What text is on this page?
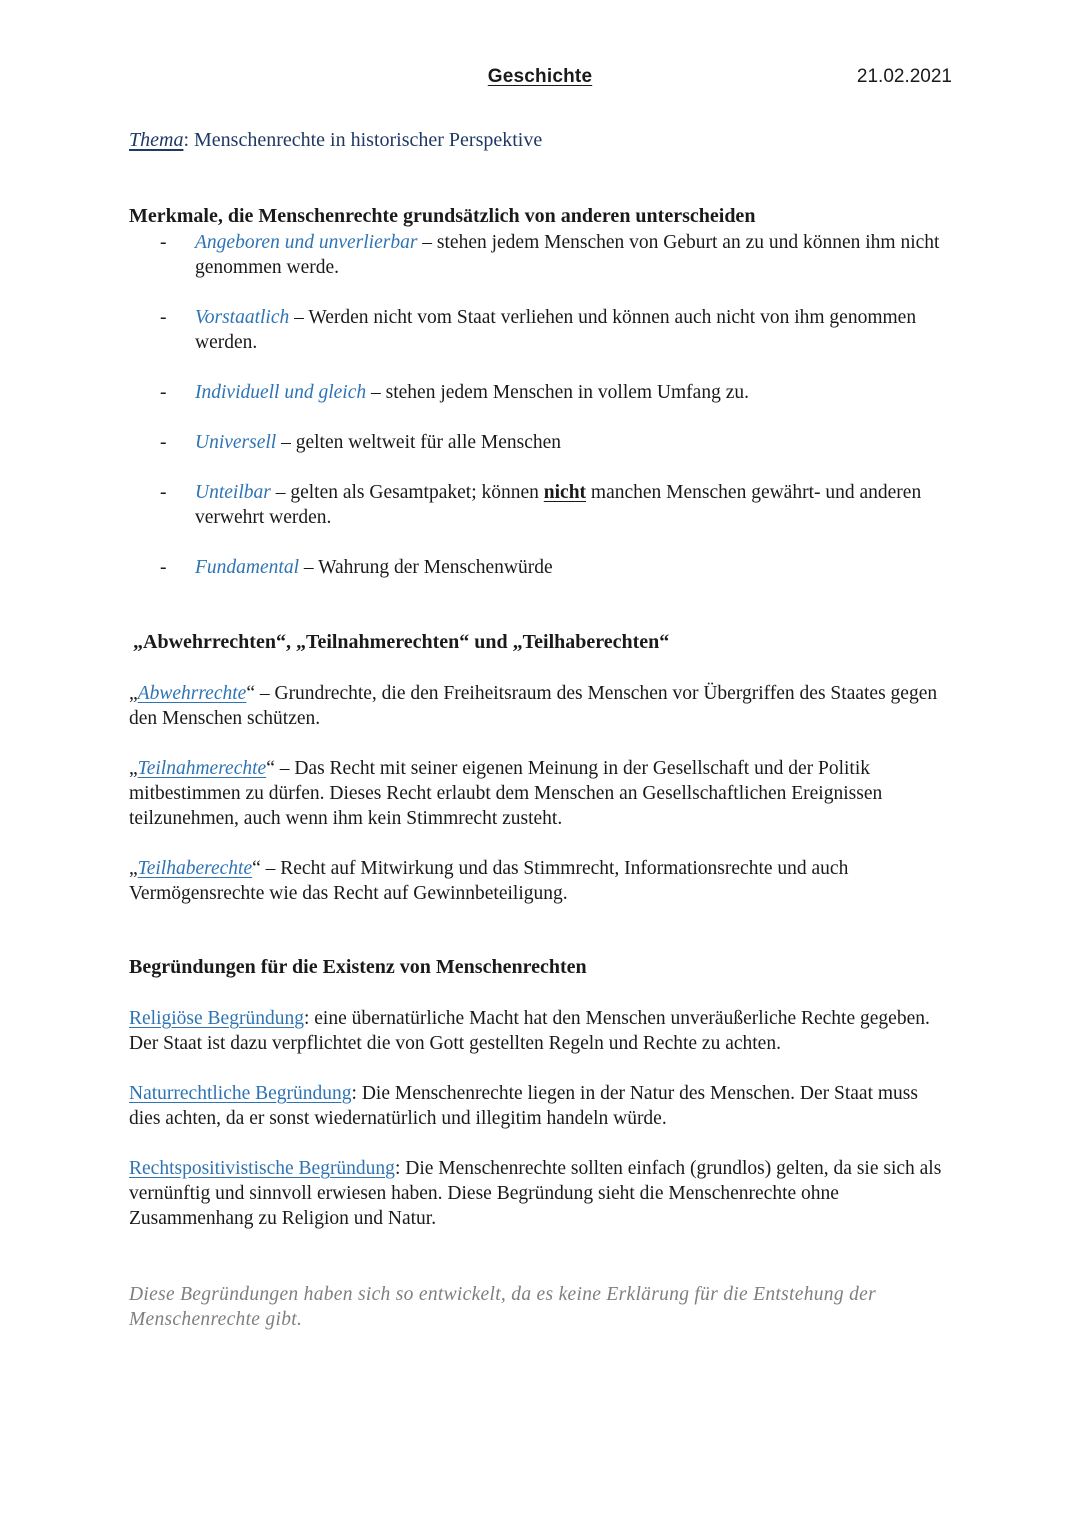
Geschichte	21.02.2021
Thema: Menschenrechte in historischer Perspektive
Merkmale, die Menschenrechte grundsätzlich von anderen unterscheiden
- Angeboren und unverlierbar – stehen jedem Menschen von Geburt an zu und können ihm nicht genommen werde.
- Vorstaatlich – Werden nicht vom Staat verliehen und können auch nicht von ihm genommen werden.
- Individuell und gleich – stehen jedem Menschen in vollem Umfang zu.
- Universell – gelten weltweit für alle Menschen
- Unteilbar – gelten als Gesamtpaket; können nicht manchen Menschen gewährt- und anderen verwehrt werden.
- Fundamental – Wahrung der Menschenwürde
„Abwehrrechten“, „Teilnahmerechten“ und „Teilhaberechten“
„Abwehrrechte“ – Grundrechte, die den Freiheitsraum des Menschen vor Übergriffen des Staates gegen den Menschen schützen.
„Teilnahmerechte“ – Das Recht mit seiner eigenen Meinung in der Gesellschaft und der Politik mitbestimmen zu dürfen. Dieses Recht erlaubt dem Menschen an Gesellschaftlichen Ereignissen teilzunehmen, auch wenn ihm kein Stimmrecht zusteht.
„Teilhaberechte“ – Recht auf Mitwirkung und das Stimmrecht, Informationsrechte und auch Vermögensrechte wie das Recht auf Gewinnbeteiligung.
Begründungen für die Existenz von Menschenrechten
Religiöse Begründung: eine übernatürliche Macht hat den Menschen unveräußerliche Rechte gegeben. Der Staat ist dazu verpflichtet die von Gott gestellten Regeln und Rechte zu achten.
Naturrechtliche Begründung: Die Menschenrechte liegen in der Natur des Menschen. Der Staat muss dies achten, da er sonst wiedernatürlich und illegitim handeln würde.
Rechtspositivistische Begründung: Die Menschenrechte sollten einfach (grundlos) gelten, da sie sich als vernünftig und sinnvoll erwiesen haben. Diese Begründung sieht die Menschenrechte ohne Zusammenhang zu Religion und Natur.
Diese Begründungen haben sich so entwickelt, da es keine Erklärung für die Entstehung der Menschenrechte gibt.
